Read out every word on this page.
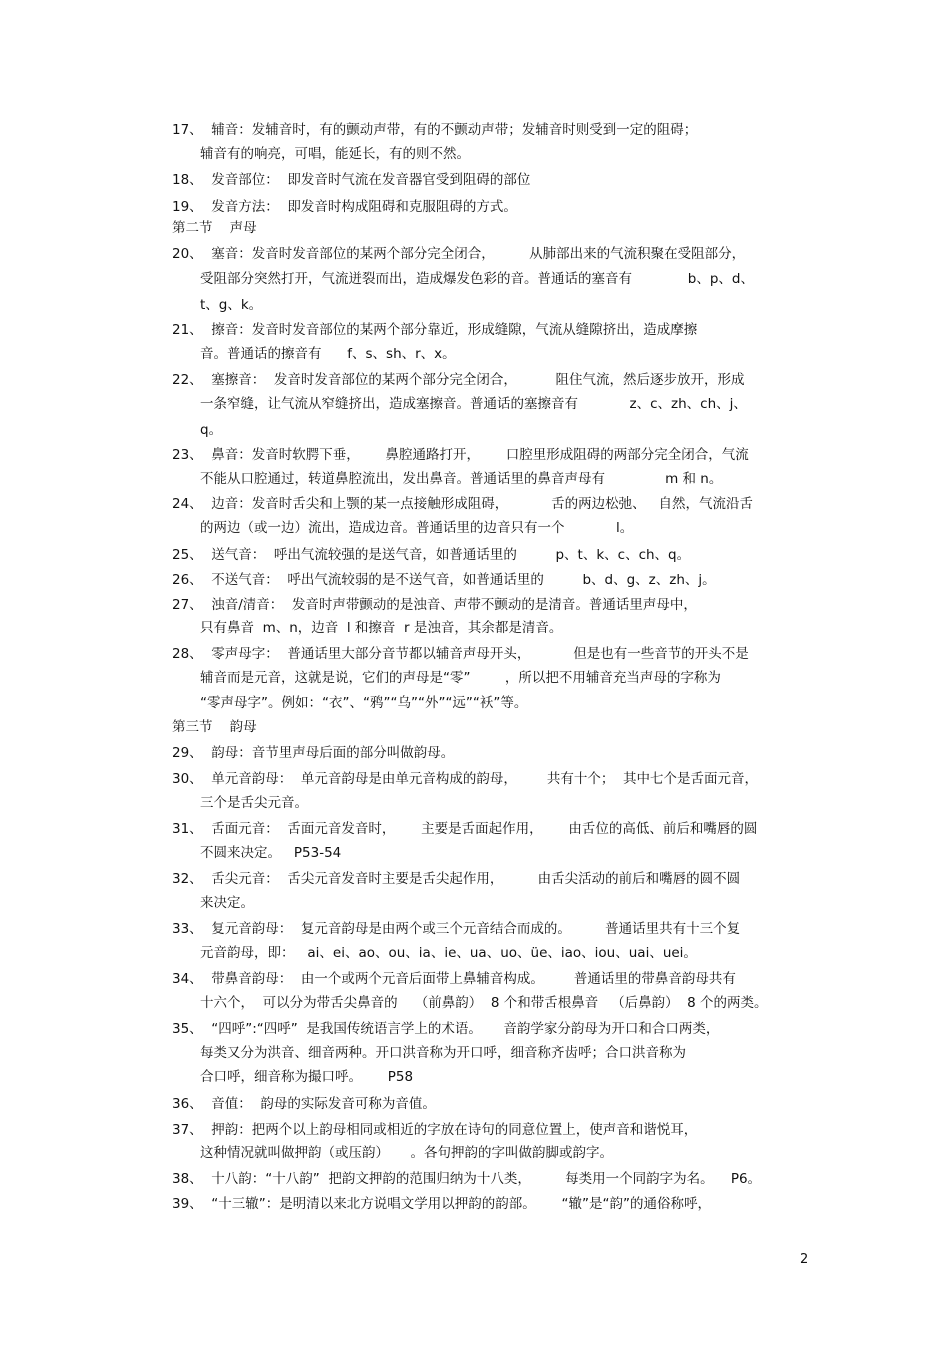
17、  辅音：发辅音时，有的颤动声带，有的不颤动声带；发辅音时则受到一定的阻碍；
辅音有的响亮，可唱，能延长，有的则不然。
18、  发音部位：  即发音时气流在发音器官受到阻碍的部位
19、  发音方法：  即发音时构成阻碍和克服阻碍的方式。
第二节    声母
20、  塞音：发音时发音部位的某两个部分完全闭合，        从肺部出来的气流积聚在受阻部分，
受阻部分突然打开，气流迸裂而出，造成爆发色彩的音。普通话的塞音有             b、p、d、
t、g、k。
21、  擦音：发音时发音部位的某两个部分靠近，形成缝隙，气流从缝隙挤出，造成摩擦
音。普通话的擦音有      f、s、sh、r、x。
22、  塞擦音：  发音时发音部位的某两个部分完全闭合，         阻住气流，然后逐步放开，形成
一条窄缝，让气流从窄缝挤出，造成塞擦音。普通话的塞擦音有            z、c、zh、ch、j、
q。
23、  鼻音：发音时软腭下垂，      鼻腔通路打开，      口腔里形成阻碍的两部分完全闭合，气流
不能从口腔通过，转道鼻腔流出，发出鼻音。普通话里的鼻音声母有              m 和 n。
24、  边音：发音时舌尖和上颚的某一点接触形成阻碍，          舌的两边松弛、   自然，气流沿舌
的两边（或一边）流出，造成边音。普通话里的边音只有一个            l。
25、  送气音：  呼出气流较强的是送气音，如普通话里的         p、t、k、c、ch、q。
26、  不送气音：  呼出气流较弱的是不送气音，如普通话里的         b、d、g、z、zh、j。
27、  浊音/清音：  发音时声带颤动的是浊音、声带不颤动的是清音。普通话里声母中，
只有鼻音  m、n，边音  l 和擦音  r 是浊音，其余都是清音。
28、  零声母字：  普通话里大部分音节都以辅音声母开头，          但是也有一些音节的开头不是
辅音而是元音，这就是说，它们的声母是“零”        ，所以把不用辅音充当声母的字称为
“零声母字”。例如：“衣”、“鸦”“乌”“外”“远”“袄”等。
第三节    韵母
29、  韵母：音节里声母后面的部分叫做韵母。
30、  单元音韵母：  单元音韵母是由单元音构成的韵母，       共有十个；  其中七个是舌面元音，
三个是舌尖元音。
31、  舌面元音：  舌面元音发音时，      主要是舌面起作用，      由舌位的高低、前后和嘴唇的圆
不圆来决定。   P53-54
32、  舌尖元音：  舌尖元音发音时主要是舌尖起作用，        由舌尖活动的前后和嘴唇的圆不圆
来决定。
33、  复元音韵母：  复元音韵母是由两个或三个元音结合而成的。        普通话里共有十三个复
元音韵母，即：   ai、ei、ao、ou、ia、ie、ua、uo、üe、iao、iou、uai、uei。
34、  带鼻音韵母：  由一个或两个元音后面带上鼻辅音构成。       普通话里的带鼻音韵母共有
十六个，  可以分为带舌尖鼻音的    （前鼻韵）  8 个和带舌根鼻音   （后鼻韵）  8 个的两类。
35、  “四呼”:“四呼”  是我国传统语言学上的术语。     音韵学家分韵母为开口和合口两类，
每类又分为洪音、细音两种。开口洪音称为开口呼，细音称齐齿呼；合口洪音称为
合口呼，细音称为撮口呼。      P58
36、  音值：  韵母的实际发音可称为音值。
37、  押韵：把两个以上韵母相同或相近的字放在诗句的同意位置上，使声音和谐悦耳，
这种情况就叫做押韵（或压韵）     。各句押韵的字叫做韵脚或韵字。
38、  十八韵：“十八韵”  把韵文押韵的范围归纳为十八类，        每类用一个同韵字为名。    P6。
39、  “十三辙”：是明清以来北方说唱文学用以押韵的韵部。      “辙”是“韵”的通俗称呼，
2
